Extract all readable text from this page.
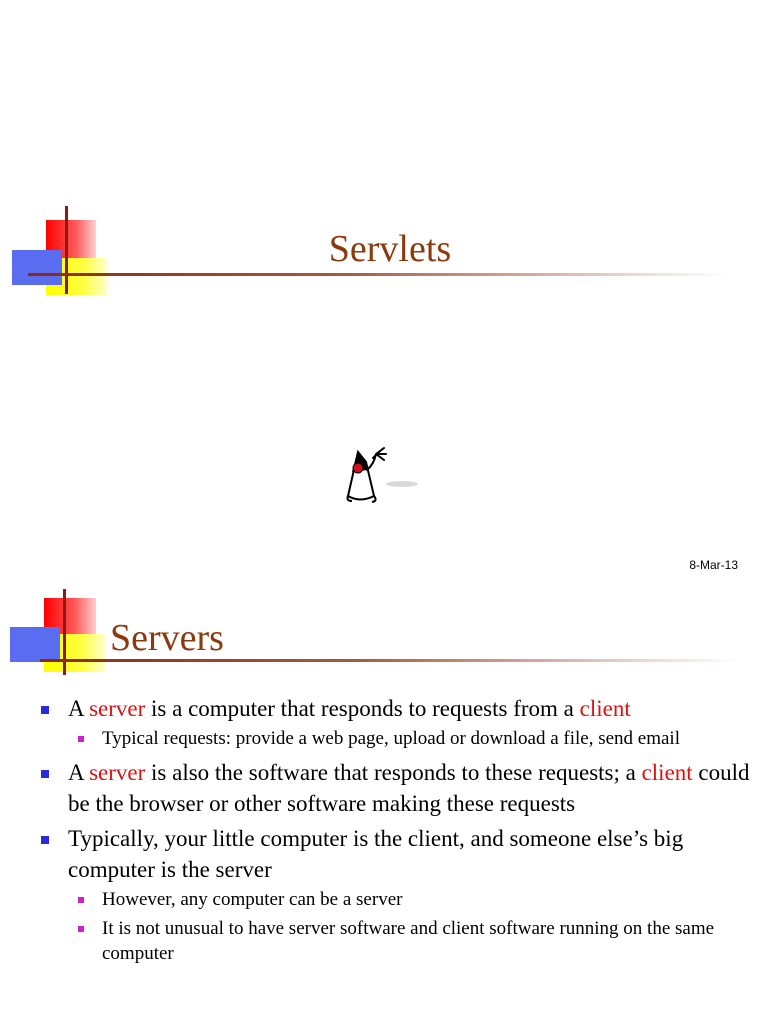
Servlets
8-Mar-13
Servers
A server is a computer that responds to requests from a client
Typical requests: provide a web page, upload or download a file, send email
A server is also the software that responds to these requests; a client could be the browser or other software making these requests
Typically, your little computer is the client, and someone else’s big computer is the server
However, any computer can be a server
It is not unusual to have server software and client software running on the same computer
